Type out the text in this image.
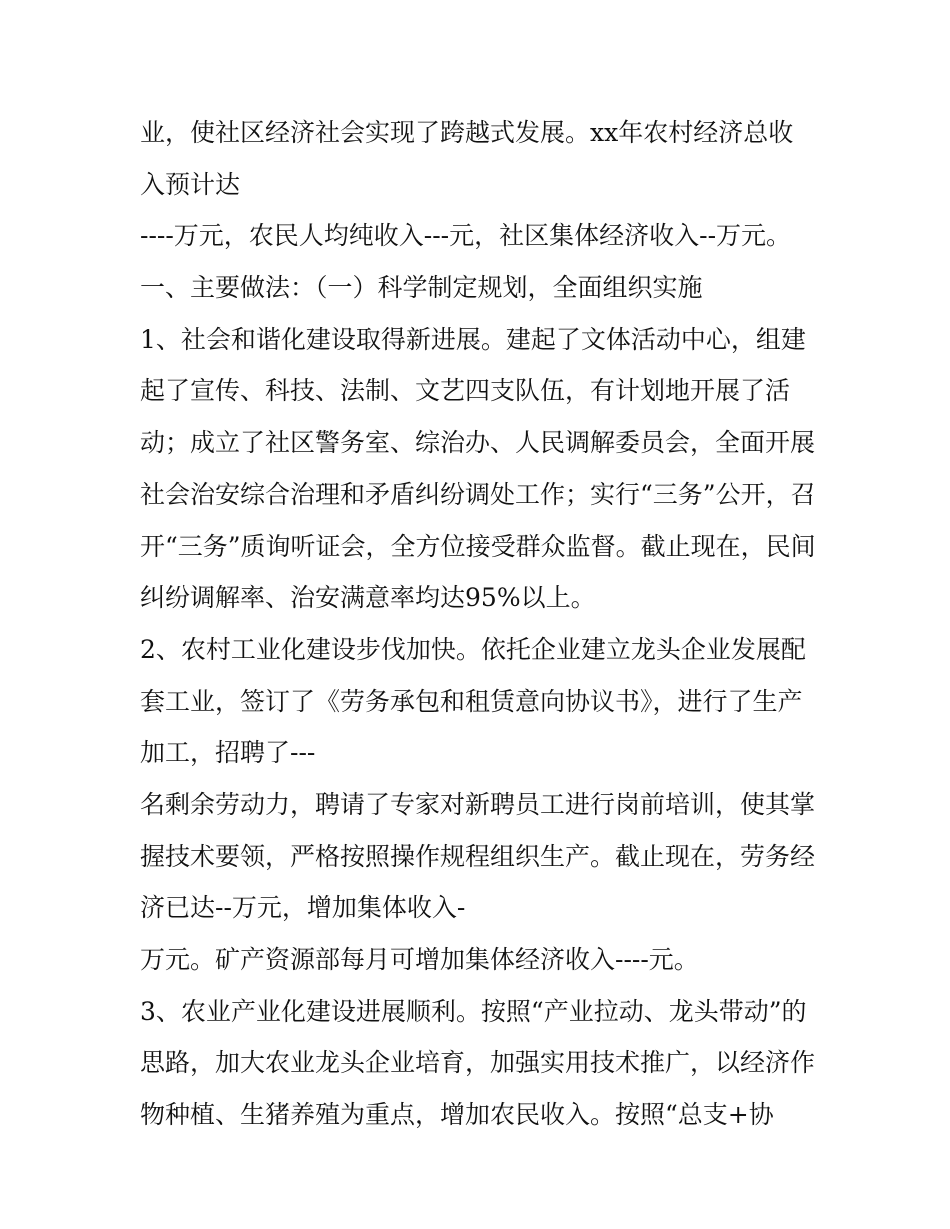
业，使社区经济社会实现了跨越式发展。xx年农村经济总收
入预计达
----万元，农民人均纯收入---元，社区集体经济收入--万元。
一、主要做法：（一）科学制定规划，全面组织实施
1、社会和谐化建设取得新进展。建起了文体活动中心，组建
起了宣传、科技、法制、文艺四支队伍，有计划地开展了活
动；成立了社区警务室、综治办、人民调解委员会，全面开展
社会治安综合治理和矛盾纠纷调处工作；实行“三务”公开，召
开“三务”质询听证会，全方位接受群众监督。截止现在，民间
纠纷调解率、治安满意率均达95%以上。
2、农村工业化建设步伐加快。依托企业建立龙头企业发展配
套工业，签订了《劳务承包和租赁意向协议书》，进行了生产
加工，招聘了---
名剩余劳动力，聘请了专家对新聘员工进行岗前培训，使其掌
握技术要领，严格按照操作规程组织生产。截止现在，劳务经
济已达--万元，增加集体收入-
万元。矿产资源部每月可增加集体经济收入----元。
3、农业产业化建设进展顺利。按照“产业拉动、龙头带动”的
思路，加大农业龙头企业培育，加强实用技术推广，以经济作
物种植、生猪养殖为重点，增加农民收入。按照“总支+协
